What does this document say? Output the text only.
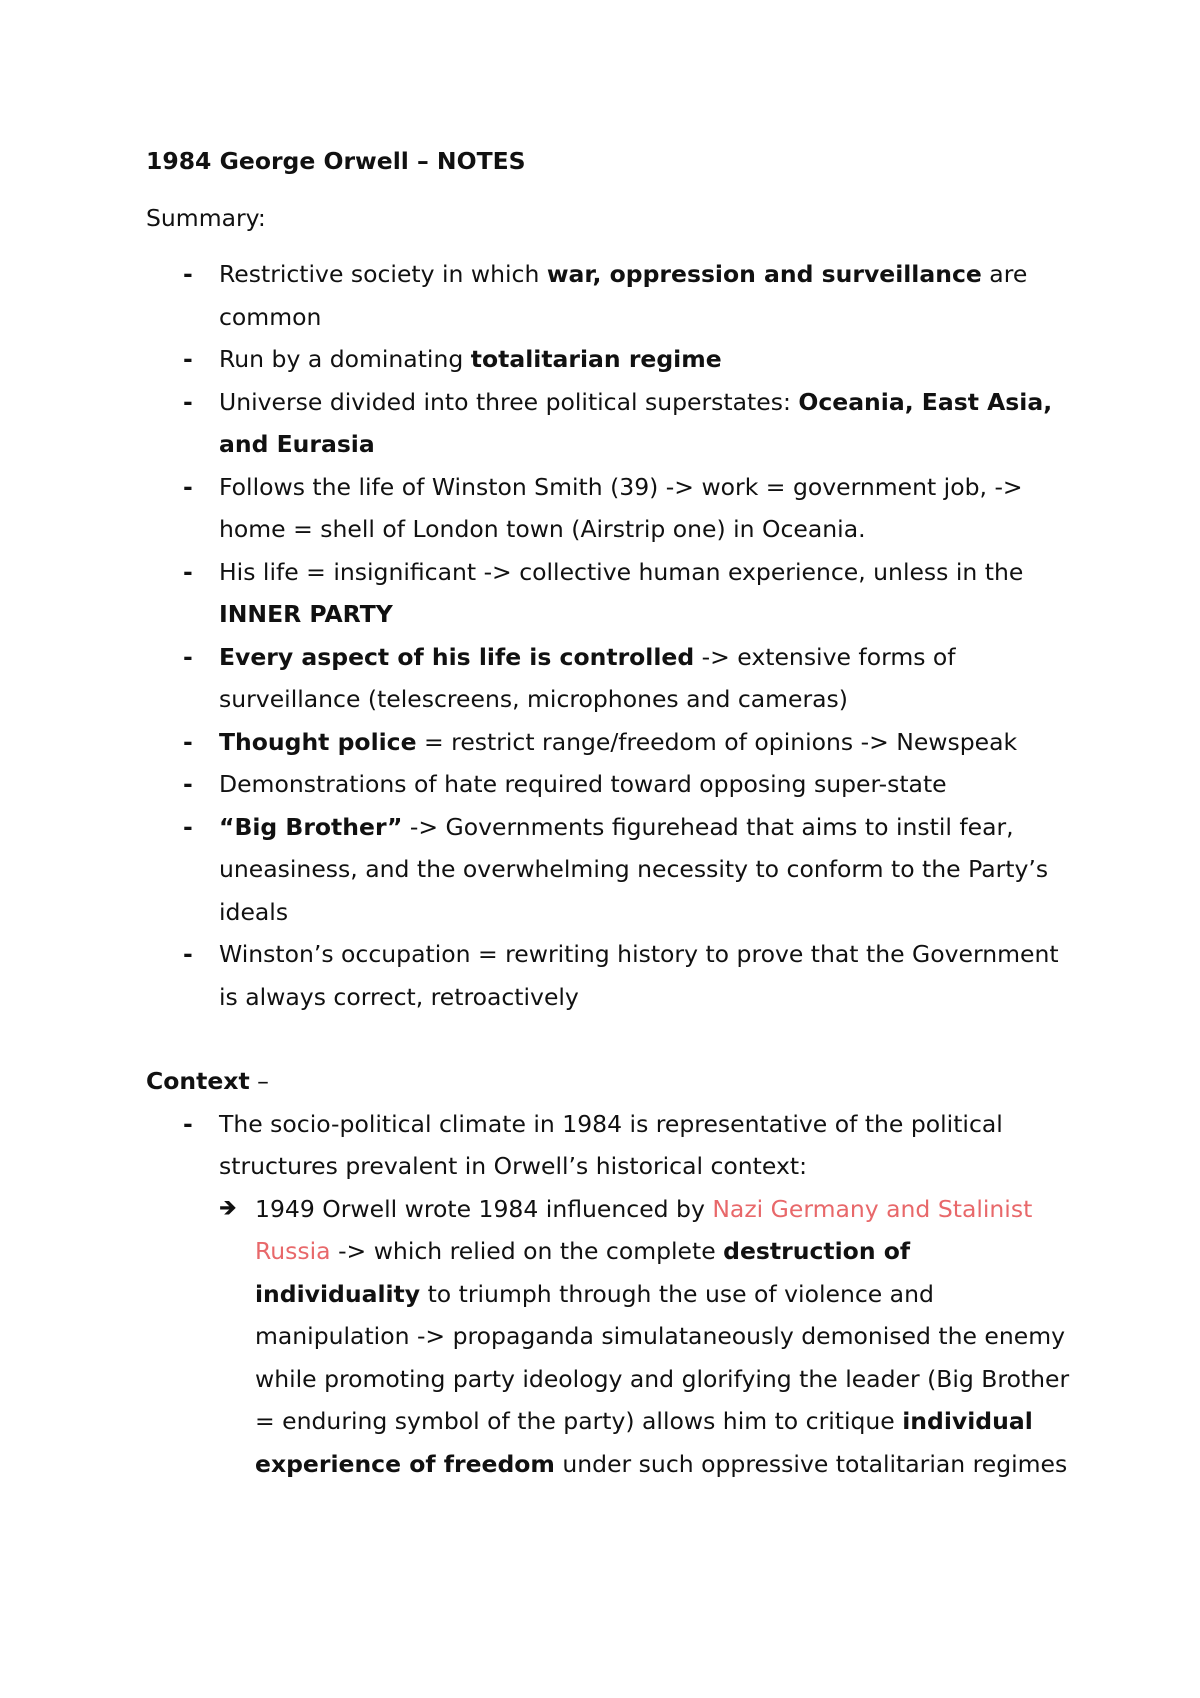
1984 George Orwell – NOTES
Summary:
- Restrictive society in which war, oppression and surveillance are common
- Run by a dominating totalitarian regime
- Universe divided into three political superstates: Oceania, East Asia, and Eurasia
- Follows the life of Winston Smith (39) -> work = government job, -> home = shell of London town (Airstrip one) in Oceania.
- His life = insignificant -> collective human experience, unless in the INNER PARTY
- Every aspect of his life is controlled -> extensive forms of surveillance (telescreens, microphones and cameras)
- Thought police = restrict range/freedom of opinions -> Newspeak
- Demonstrations of hate required toward opposing super-state
- “Big Brother” -> Governments figurehead that aims to instil fear, uneasiness, and the overwhelming necessity to conform to the Party’s ideals
- Winston’s occupation = rewriting history to prove that the Government is always correct, retroactively
Context –
- The socio-political climate in 1984 is representative of the political structures prevalent in Orwell’s historical context:
🡺 1949 Orwell wrote 1984 influenced by Nazi Germany and Stalinist Russia -> which relied on the complete destruction of individuality to triumph through the use of violence and manipulation -> propaganda simulataneously demonised the enemy while promoting party ideology and glorifying the leader (Big Brother = enduring symbol of the party) allows him to critique individual experience of freedom under such oppressive totalitarian regimes
